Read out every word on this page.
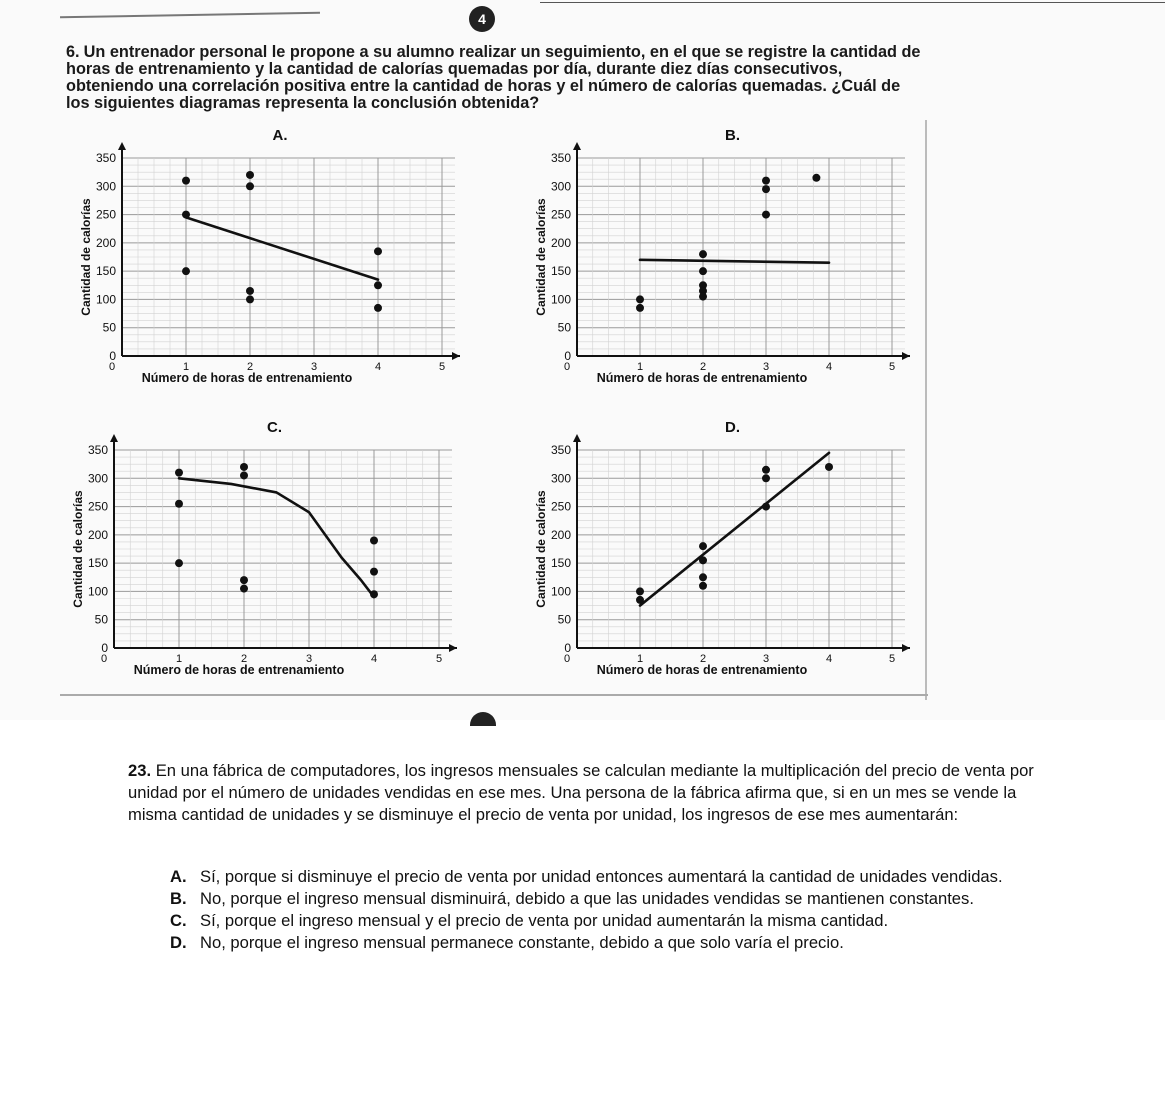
4
6. Un entrenador personal le propone a su alumno realizar un seguimiento, en el que se registre la cantidad de horas de entrenamiento y la cantidad de calorías quemadas por día, durante diez días consecutivos, obteniendo una correlación positiva entre la cantidad de horas y el número de calorías quemadas. ¿Cuál de los siguientes diagramas representa la conclusión obtenida?
A.
0
50
100
150
200
250
300
350
0	1	2	3	4	5
Número de horas de entrenamiento
Cantidad de calorías
B.
0
50
100
150
200
250
300
350
0	1	2	3	4	5
Número de horas de entrenamiento
Cantidad de calorías
C.
0
50
100
150
200
250
300
350
0	1	2	3	4	5
Número de horas de entrenamiento
Cantidad de calorías
D.
0
50
100
150
200
250
300
350
0	1	2	3	4	5
Número de horas de entrenamiento
Cantidad de calorías
23. En una fábrica de computadores, los ingresos mensuales se calculan mediante la multiplicación del precio de venta por unidad por el número de unidades vendidas en ese mes. Una persona de la fábrica afirma que, si en un mes se vende la misma cantidad de unidades y se disminuye el precio de venta por unidad, los ingresos de ese mes aumentarán:
A. Sí, porque si disminuye el precio de venta por unidad entonces aumentará la cantidad de unidades vendidas.
B. No, porque el ingreso mensual disminuirá, debido a que las unidades vendidas se mantienen constantes.
C. Sí, porque el ingreso mensual y el precio de venta por unidad aumentarán la misma cantidad.
D. No, porque el ingreso mensual permanece constante, debido a que solo varía el precio.
